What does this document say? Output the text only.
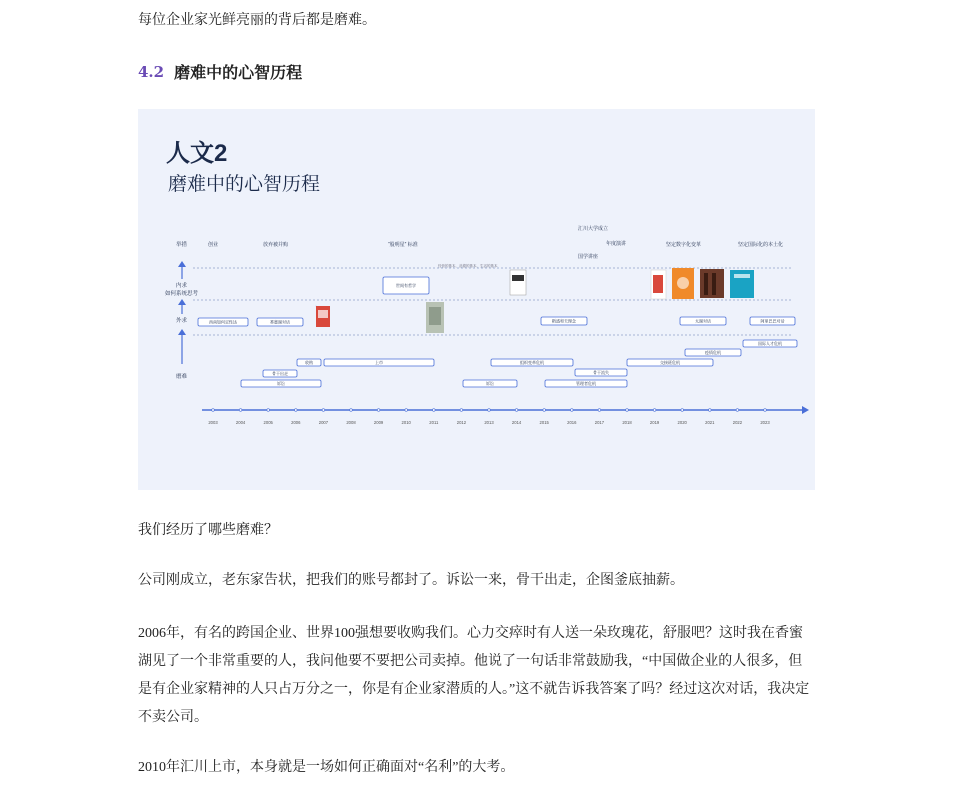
每位企业家光鲜亮丽的背后都是磨难。

4.2 磨难中的心智历程
人文2
磨难中的心智历程
举措
内求如何系统思考
外求
磨难
创业	放弃被并购	“股明星” 标准
汇川大学成立
年度演讲
国学讲座
坚定数字化变革	坚定国际化的本土化
世间有哲学
经营的基本，品德的基本，生活的基本
西南如何定性达	香蜜湖对话	稻盛和夫理念	太湖对话	阿里巴巴对话
诉讼
骨干出走
收购	上市
诉讼
组织变革危机
骨干流失
管理者危机
交接班危机
疫情危机
国际人才危机
2003	2004	2005	2006	2007	2008	2009	2010	2011	2012	2013	2014	2015	2016	2017	2018	2019	2020	2021	2022	2023

我们经历了哪些磨难？

公司刚成立，老东家告状，把我们的账号都封了。诉讼一来，骨干出走，企图釜底抽薪。

2006年，有名的跨国企业、世界100强想要收购我们。心力交瘁时有人送一朵玫瑰花，舒服吧？这时我在香蜜湖见了一个非常重要的人，我问他要不要把公司卖掉。他说了一句话非常鼓励我，“中国做企业的人很多，但是有企业家精神的人只占万分之一，你是有企业家潜质的人。”这不就告诉我答案了吗？经过这次对话，我决定不卖公司。

2010年汇川上市，本身就是一场如何正确面对“名利”的大考。
